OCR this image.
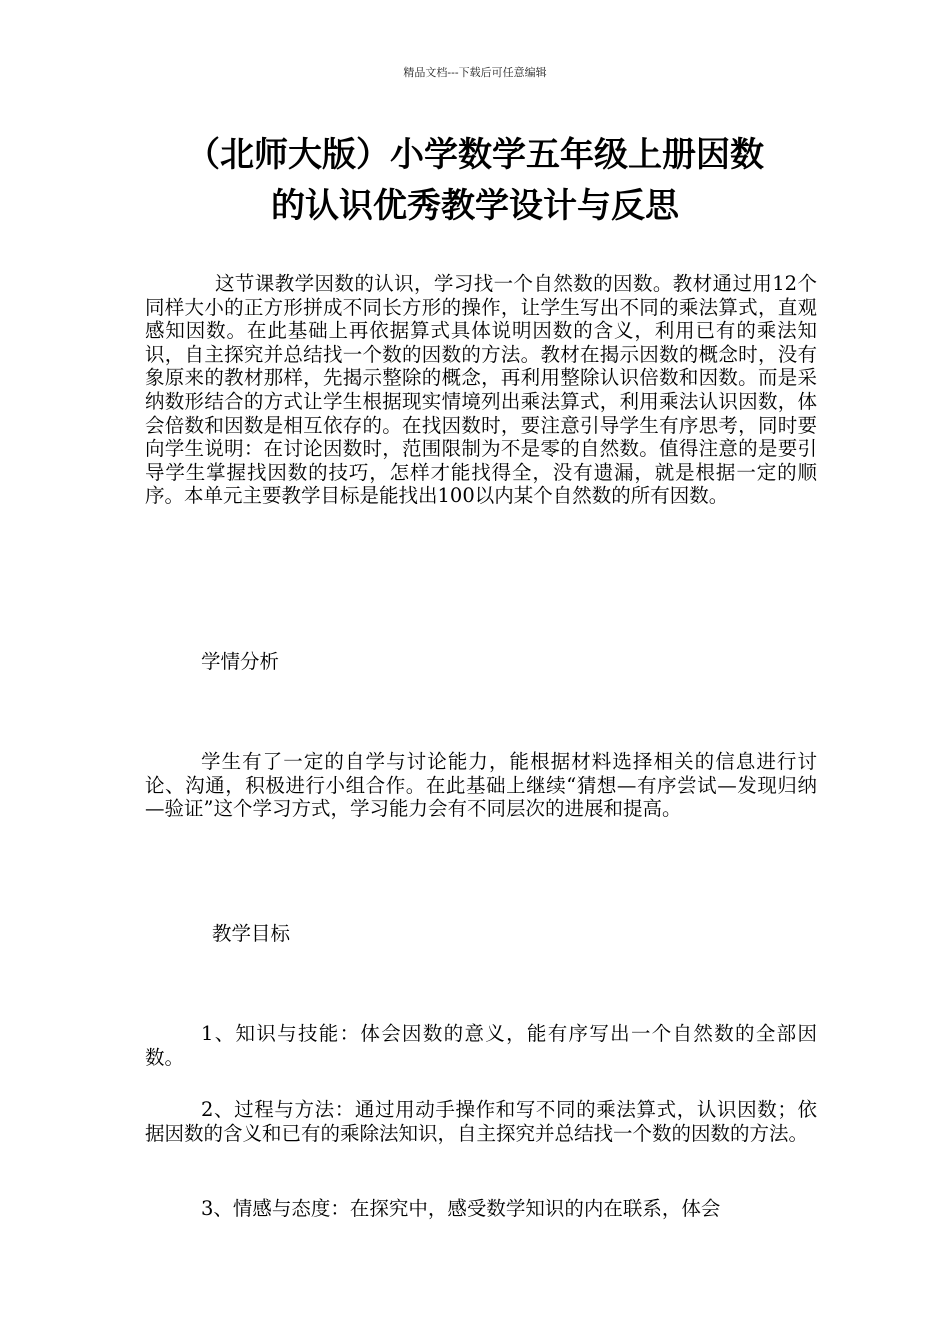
精品文档---下载后可任意编辑
（北师大版）小学数学五年级上册因数
的认识优秀教学设计与反思

这节课教学因数的认识，学习找一个自然数的因数。教材通过用12个同样大小的正方形拼成不同长方形的操作，让学生写出不同的乘法算式，直观感知因数。在此基础上再依据算式具体说明因数的含义，利用已有的乘法知识，自主探究并总结找一个数的因数的方法。教材在揭示因数的概念时，没有象原来的教材那样，先揭示整除的概念，再利用整除认识倍数和因数。而是采纳数形结合的方式让学生根据现实情境列出乘法算式，利用乘法认识因数，体会倍数和因数是相互依存的。在找因数时，要注意引导学生有序思考，同时要向学生说明：在讨论因数时，范围限制为不是零的自然数。值得注意的是要引导学生掌握找因数的技巧，怎样才能找得全，没有遗漏，就是根据一定的顺序。本单元主要教学目标是能找出100以内某个自然数的所有因数。

学情分析

学生有了一定的自学与讨论能力，能根据材料选择相关的信息进行讨论、沟通，积极进行小组合作。在此基础上继续“猜想—有序尝试—发现归纳—验证”这个学习方式，学习能力会有不同层次的进展和提高。

教学目标

1、知识与技能：体会因数的意义，能有序写出一个自然数的全部因数。

2、过程与方法：通过用动手操作和写不同的乘法算式，认识因数；依据因数的含义和已有的乘除法知识，自主探究并总结找一个数的因数的方法。

3、情感与态度：在探究中，感受数学知识的内在联系，体会
